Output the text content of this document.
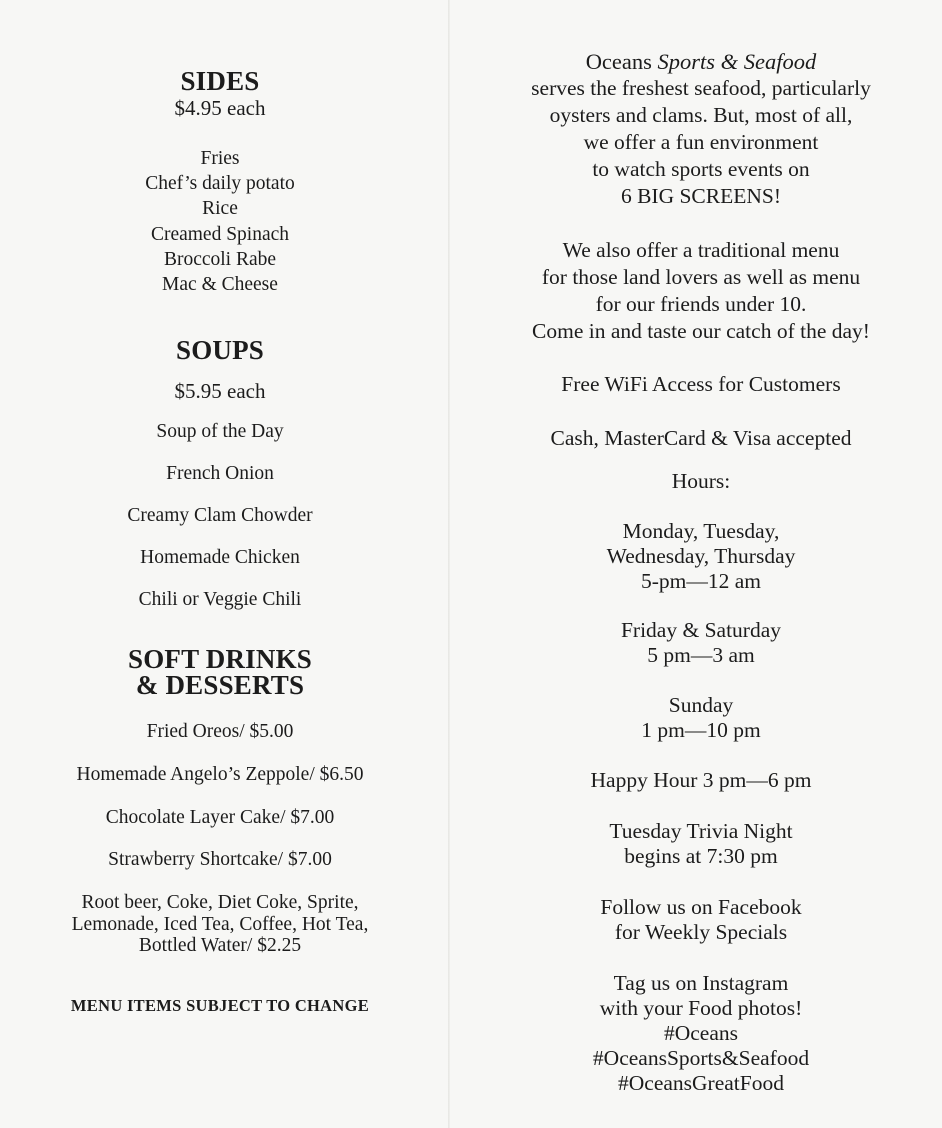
SIDES
$4.95 each
Fries
Chef’s daily potato
Rice
Creamed Spinach
Broccoli Rabe
Mac & Cheese
SOUPS
$5.95 each
Soup of the Day
French Onion
Creamy Clam Chowder
Homemade Chicken
Chili or Veggie Chili
SOFT DRINKS
& DESSERTS
Fried Oreos/ $5.00
Homemade Angelo’s Zeppole/ $6.50
Chocolate Layer Cake/ $7.00
Strawberry Shortcake/ $7.00
Root beer, Coke, Diet Coke, Sprite,
Lemonade, Iced Tea, Coffee, Hot Tea,
Bottled Water/ $2.25
MENU ITEMS SUBJECT TO CHANGE
Oceans Sports & Seafood
serves the freshest seafood, particularly
oysters and clams. But, most of all,
we offer a fun environment
to watch sports events on
6 BIG SCREENS!
We also offer a traditional menu
for those land lovers as well as menu
for our friends under 10.
Come in and taste our catch of the day!
Free WiFi Access for Customers
Cash, MasterCard & Visa accepted
Hours:
Monday, Tuesday,
Wednesday, Thursday
5-pm—12 am
Friday & Saturday
5 pm—3 am
Sunday
1 pm—10 pm
Happy Hour 3 pm—6 pm
Tuesday Trivia Night
begins at 7:30 pm
Follow us on Facebook
for Weekly Specials
Tag us on Instagram
with your Food photos!
#Oceans
#OceansSports&Seafood
#OceansGreatFood
